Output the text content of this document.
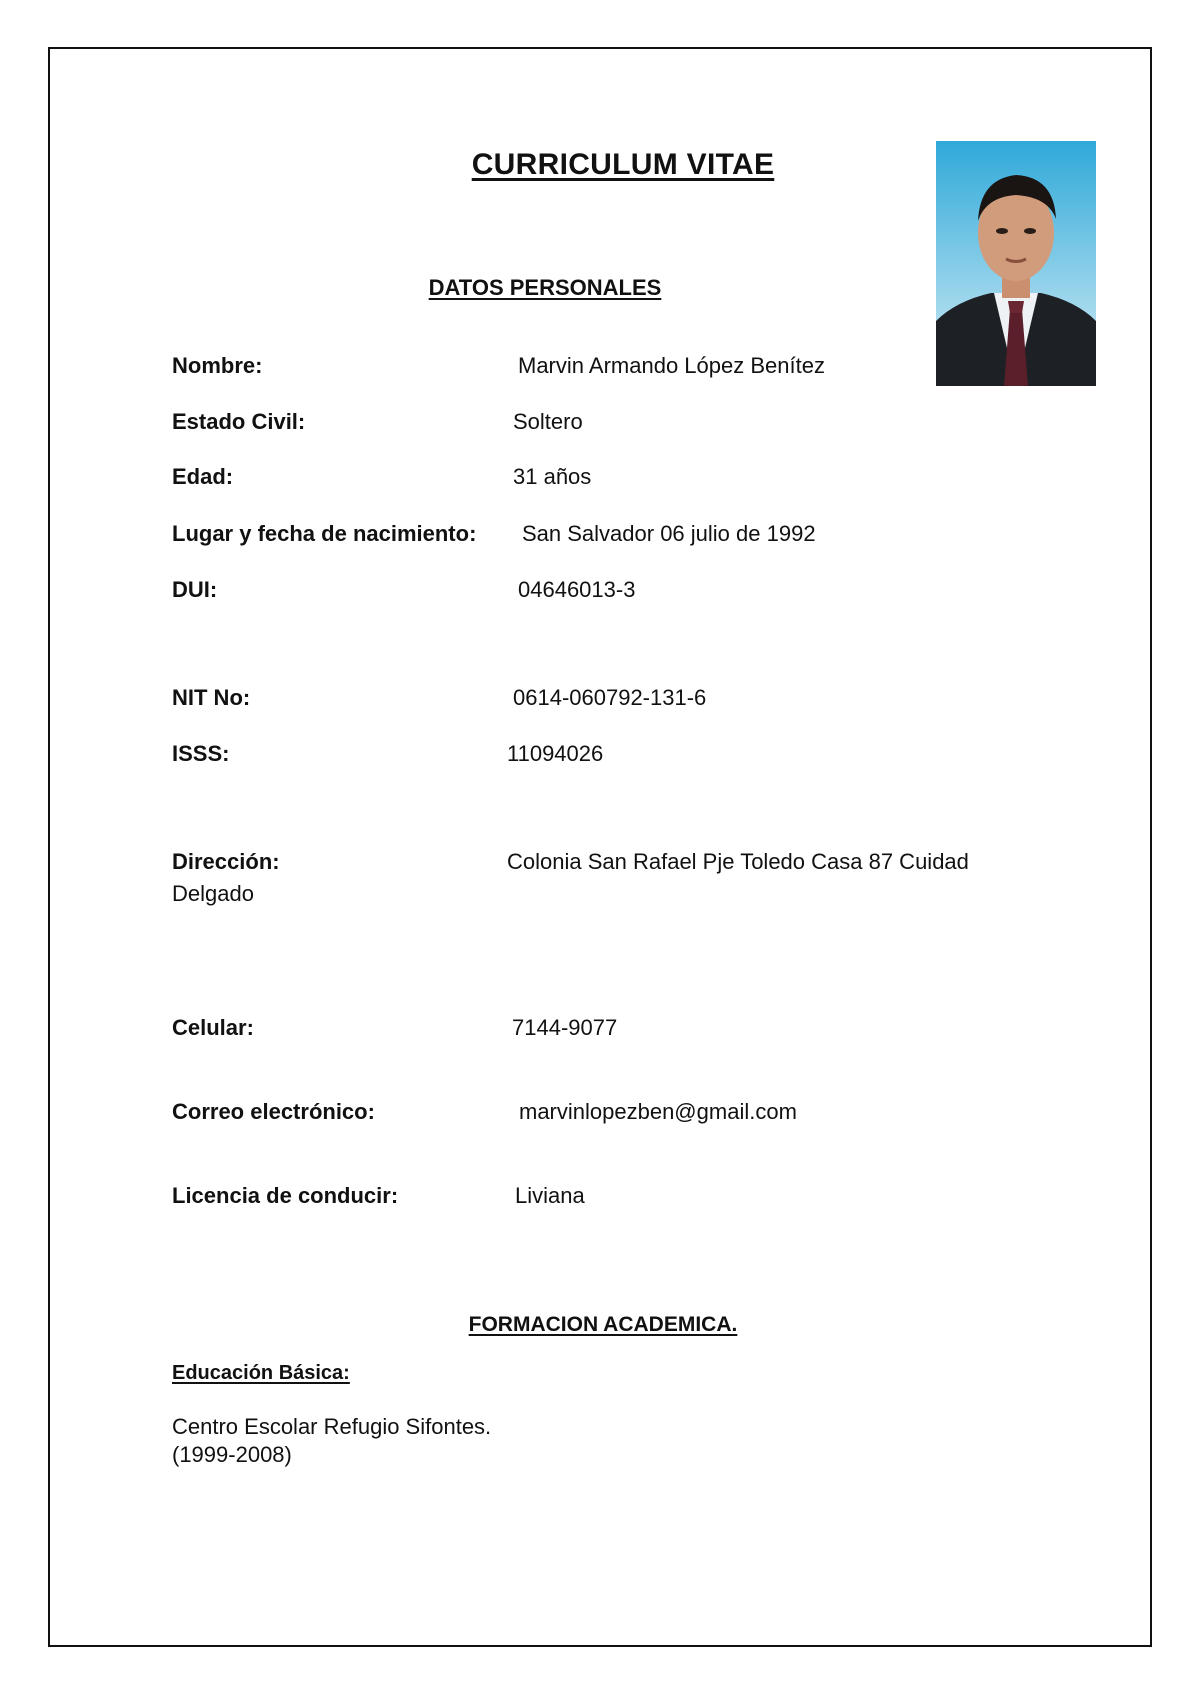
CURRICULUM VITAE
DATOS PERSONALES
Nombre:	Marvin Armando López Benítez
Estado Civil:	Soltero
Edad:	31 años
Lugar y fecha de nacimiento: San Salvador 06 julio de 1992
DUI:	04646013-3
NIT No:	0614-060792-131-6
ISSS:	11094026
Dirección:	Colonia San Rafael Pje Toledo Casa 87 Cuidad
Delgado
Celular:	7144-9077
Correo electrónico:	marvinlopezben@gmail.com
Licencia de conducir:	Liviana
FORMACION ACADEMICA.
Educación Básica:
Centro Escolar Refugio Sifontes.
(1999-2008)
